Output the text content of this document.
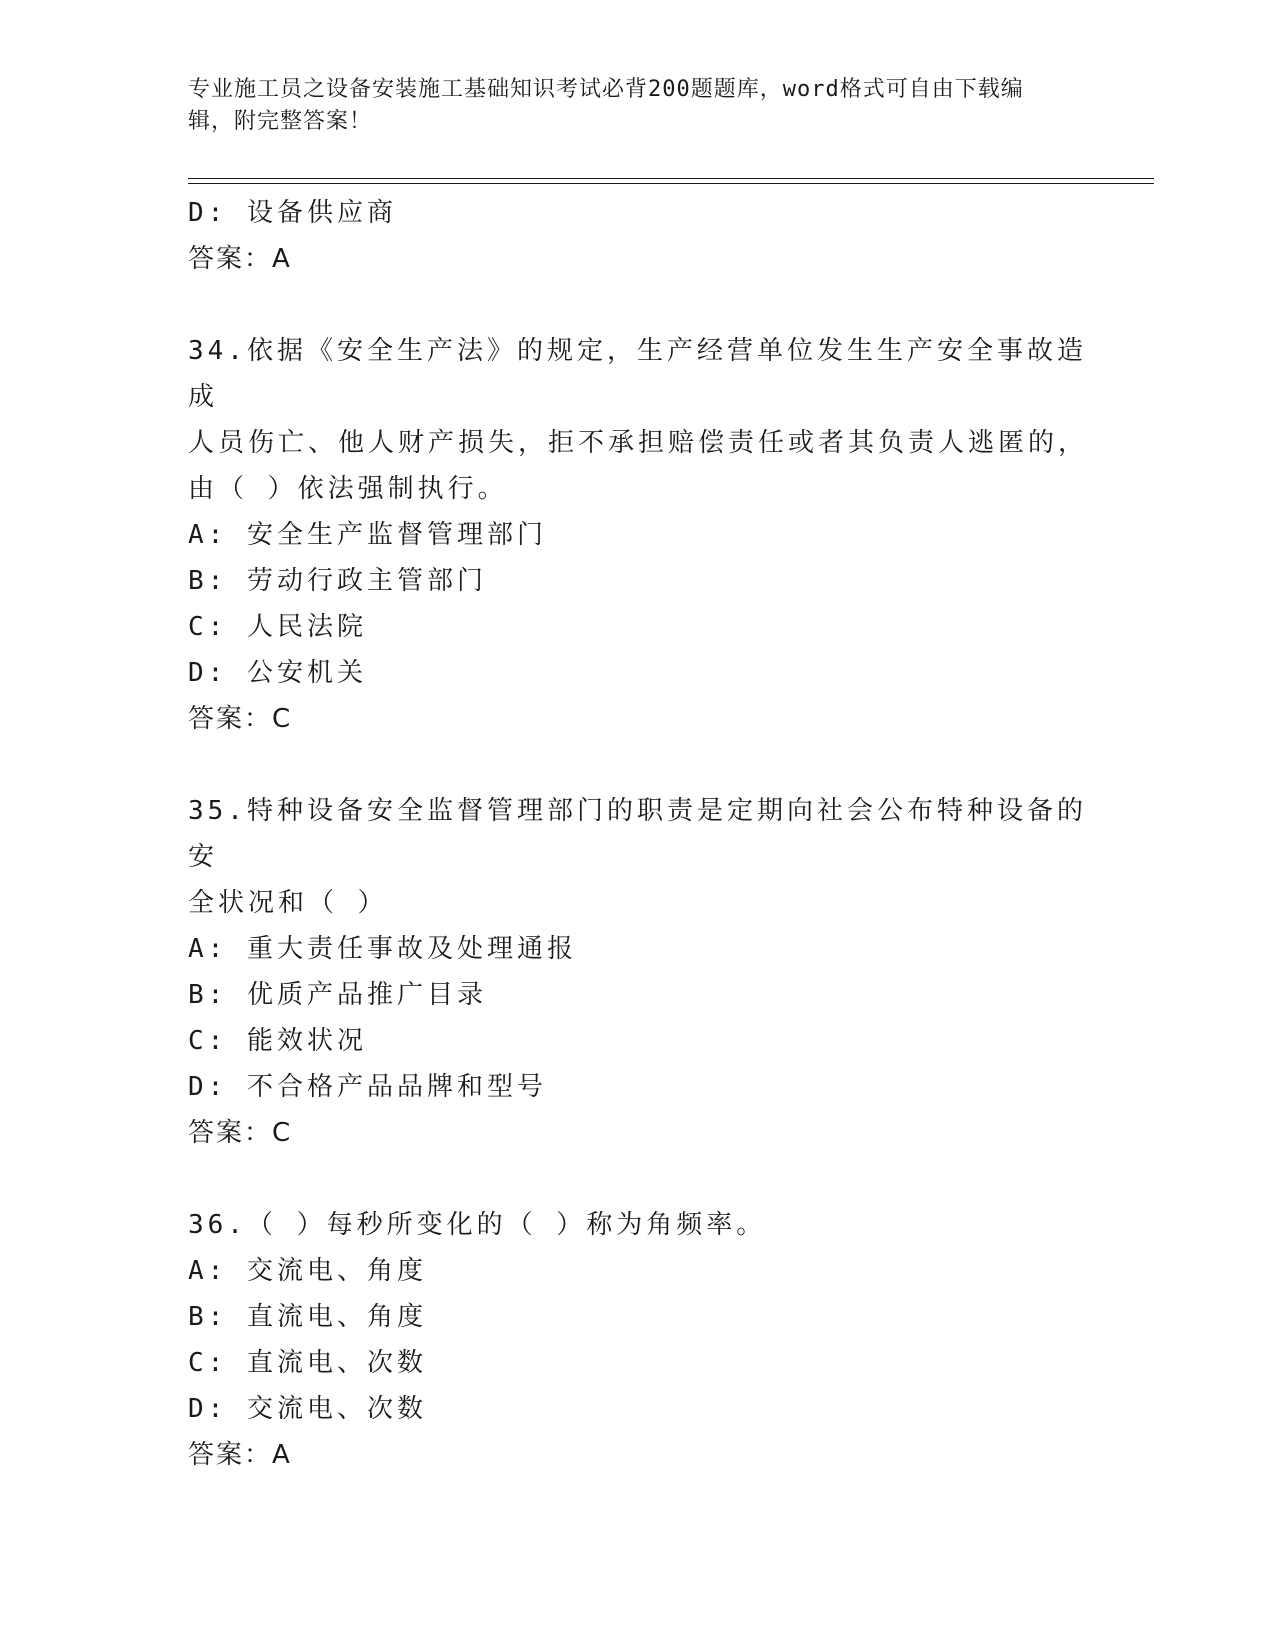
专业施工员之设备安装施工基础知识考试必背200题题库，word格式可自由下载编辑，附完整答案！

D: 设备供应商

答案：A

34.依据《安全生产法》的规定，生产经营单位发生生产安全事故造成

人员伤亡、他人财产损失，拒不承担赔偿责任或者其负责人逃匿的，

由（ ）依法强制执行。

A: 安全生产监督管理部门

B: 劳动行政主管部门

C: 人民法院

D: 公安机关

答案：C

35.特种设备安全监督管理部门的职责是定期向社会公布特种设备的安

全状况和（ ）

A: 重大责任事故及处理通报

B: 优质产品推广目录

C: 能效状况

D: 不合格产品品牌和型号

答案：C

36.（ ）每秒所变化的（ ）称为角频率。

A: 交流电、角度

B: 直流电、角度

C: 直流电、次数

D: 交流电、次数

答案：A
